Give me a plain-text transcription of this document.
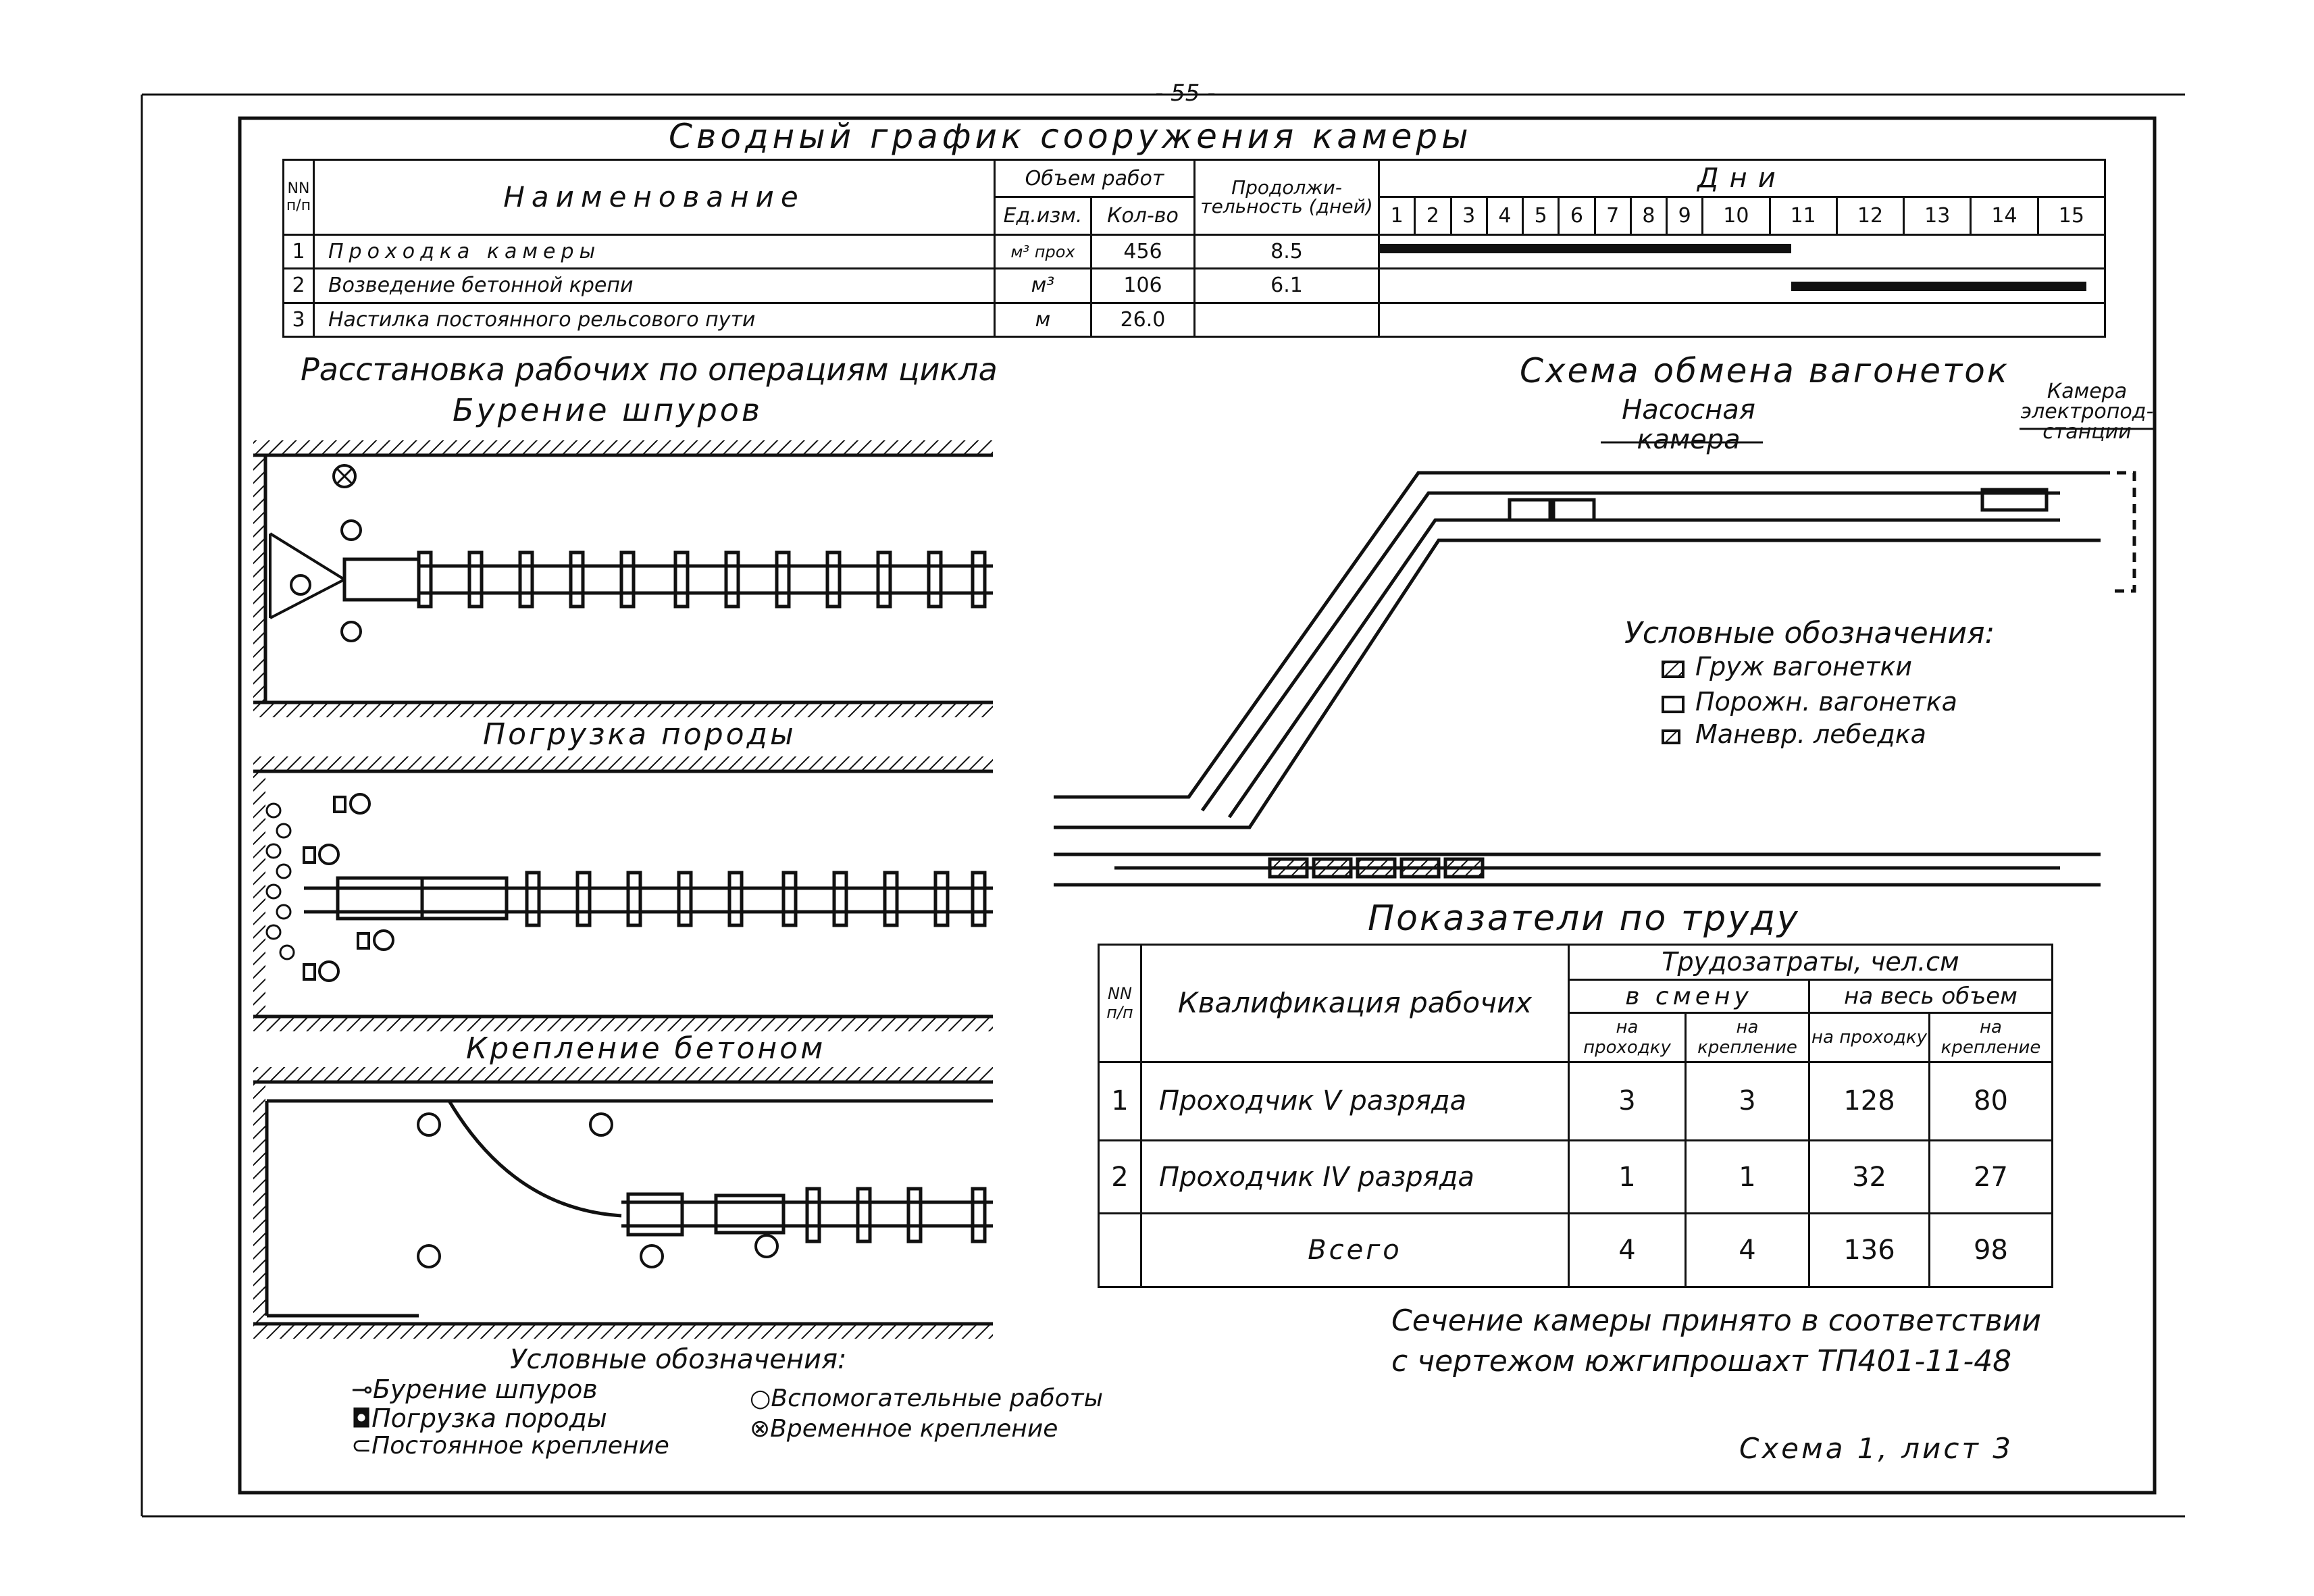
- 55 -
Сводный график сооружения камеры
NN п/п	Наименование	Объем работ		Продолжи-тельность (дней)	Дни														
		Ед.изм.	Кол-во		1	2	3	4	5	6	7	8	9	10	11	12	13	14	15
1	Проходка камеры	м³ прох	456	8.5															

2	Возведение бетонной крепи	м³	106	6.1															

3	Настилка постоянного рельсового пути	м	26.0																
Расстановка рабочих по операциям цикла
Бурение шпуров
Погрузка породы
Крепление бетоном
Условные обозначения:
⊸Бурение шпуров
◘Погрузка породы
⊂Постоянное крепление
○Вспомогательные работы
⊗Временное крепление
Схема обмена вагонеток
Насосная камера
Камера электропод-станции
Условные обозначения:
Груж вагонетки
Порожн. вагонетка
Маневр. лебедка
Показатели по труду
NN п/п	Квалификация рабочих	Трудозатраты, чел.см			
		в смену		на весь объем	
		на проходку	на крепление	на проходку	на крепление
1	Проходчик V разряда	3	3	128	80
2	Проходчик IV разряда	1	1	32	27
	Всего	4	4	136	98
Сечение камеры принято в соответствии
с чертежом южгипрошахт ТП401-11-48
Схема 1, лист 3
